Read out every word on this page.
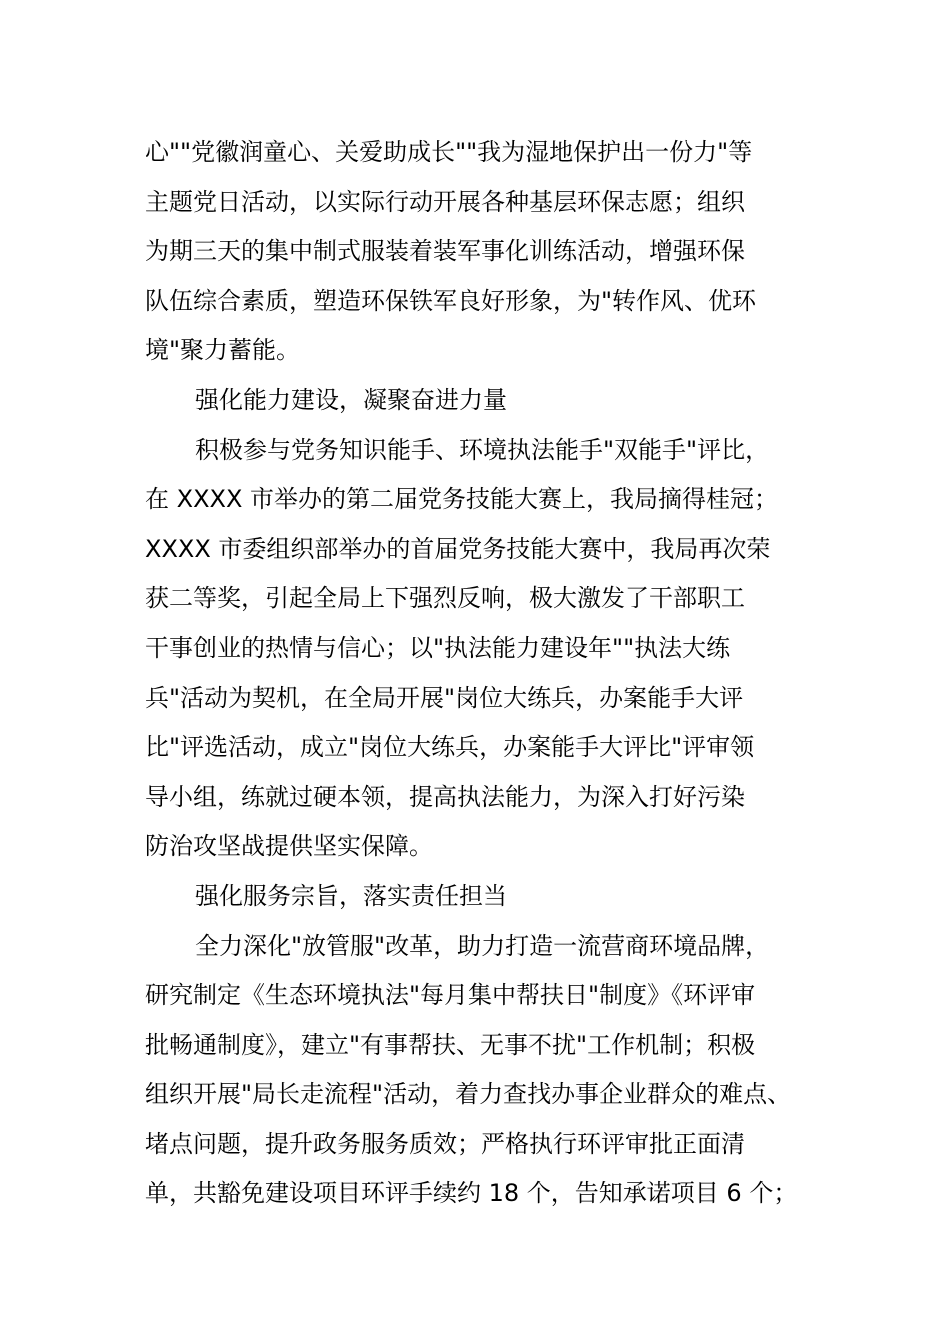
心""党徽润童心、关爱助成长""我为湿地保护出一份力"等
主题党日活动，以实际行动开展各种基层环保志愿；组织
为期三天的集中制式服装着装军事化训练活动，增强环保
队伍综合素质，塑造环保铁军良好形象，为"转作风、优环
境"聚力蓄能。
强化能力建设，凝聚奋进力量
积极参与党务知识能手、环境执法能手"双能手"评比，
在 XXXX 市举办的第二届党务技能大赛上，我局摘得桂冠；
XXXX 市委组织部举办的首届党务技能大赛中，我局再次荣
获二等奖，引起全局上下强烈反响，极大激发了干部职工
干事创业的热情与信心；以"执法能力建设年""执法大练
兵"活动为契机，在全局开展"岗位大练兵，办案能手大评
比"评选活动，成立"岗位大练兵，办案能手大评比"评审领
导小组，练就过硬本领，提高执法能力，为深入打好污染
防治攻坚战提供坚实保障。
强化服务宗旨，落实责任担当
全力深化"放管服"改革，助力打造一流营商环境品牌，
研究制定《生态环境执法"每月集中帮扶日"制度》《环评审
批畅通制度》，建立"有事帮扶、无事不扰"工作机制；积极
组织开展"局长走流程"活动，着力查找办事企业群众的难点、
堵点问题，提升政务服务质效；严格执行环评审批正面清
单，共豁免建设项目环评手续约 18 个，告知承诺项目 6 个；
